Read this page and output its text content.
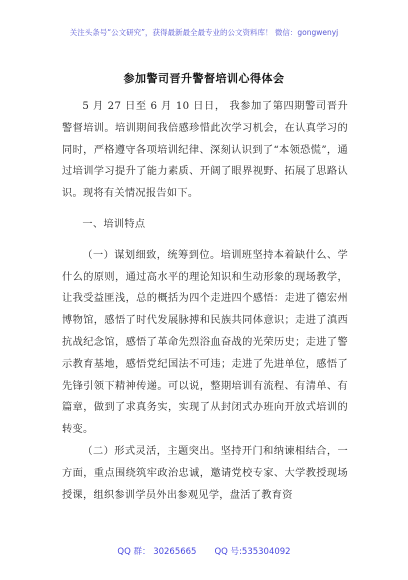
关注头条号“公文研究”，获得最新最全最专业的公文资料库！ 微信：gongwenyj
参加警司晋升警督培训心得体会

5 月 27 日至 6 月 10 日日， 我参加了第四期警司晋升警督培训。培训期间我倍感珍惜此次学习机会，在认真学习的同时，严格遵守各项培训纪律、深刻认识到了“本领恐慌”，通过培训学习提升了能力素质、开阔了眼界视野、拓展了思路认识。现将有关情况报告如下。

一、培训特点

（一）谋划细致，统筹到位。培训班坚持本着缺什么、学什么的原则，通过高水平的理论知识和生动形象的现场教学，让我受益匪浅，总的概括为四个走进四个感悟：走进了德宏州博物馆，感悟了时代发展脉搏和民族共同体意识；走进了滇西抗战纪念馆，感悟了革命先烈浴血奋战的光荣历史；走进了警示教育基地，感悟党纪国法不可违；走进了先进单位，感悟了先锋引领下精神传递。可以说，整期培训有流程、有清单、有篇章，做到了求真务实，实现了从封闭式办班向开放式培训的转变。

（二）形式灵活，主题突出。坚持开门和纳谏相结合，一方面，重点围绕筑牢政治忠诚，邀请党校专家、大学教授现场授课，组织参训学员外出参观见学，盘活了教育资

QQ 群： 30265665 QQ 号:535304092
